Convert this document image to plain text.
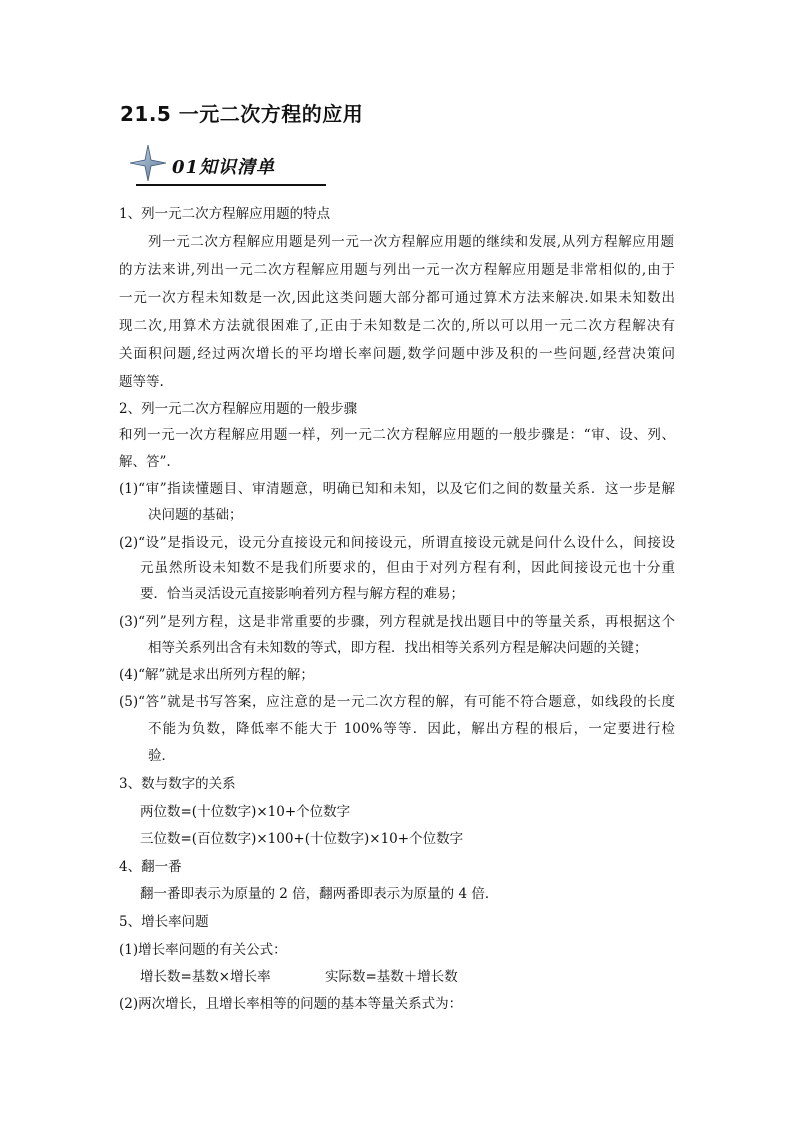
21.5 一元二次方程的应用
01知识清单
1、列一元二次方程解应用题的特点
列一元二次方程解应用题是列一元一次方程解应用题的继续和发展,从列方程解应用题
的方法来讲,列出一元二次方程解应用题与列出一元一次方程解应用题是非常相似的,由于
一元一次方程未知数是一次,因此这类问题大部分都可通过算术方法来解决.如果未知数出
现二次,用算术方法就很困难了,正由于未知数是二次的,所以可以用一元二次方程解决有
关面积问题,经过两次增长的平均增长率问题,数学问题中涉及积的一些问题,经营决策问
题等等.
2、列一元二次方程解应用题的一般步骤
和列一元一次方程解应用题一样，列一元二次方程解应用题的一般步骤是：“审、设、列、
解、答”.
(1)“审”指读懂题目、审清题意，明确已知和未知，以及它们之间的数量关系．这一步是解
决问题的基础；
(2)“设”是指设元，设元分直接设元和间接设元，所谓直接设元就是问什么设什么，间接设
元虽然所设未知数不是我们所要求的，但由于对列方程有利，因此间接设元也十分重
要．恰当灵活设元直接影响着列方程与解方程的难易；
(3)“列”是列方程，这是非常重要的步骤，列方程就是找出题目中的等量关系，再根据这个
相等关系列出含有未知数的等式，即方程．找出相等关系列方程是解决问题的关键；
(4)“解”就是求出所列方程的解；
(5)“答”就是书写答案，应注意的是一元二次方程的解，有可能不符合题意，如线段的长度
不能为负数，降低率不能大于 100%等等．因此，解出方程的根后，一定要进行检
验．
3、数与数字的关系
两位数=(十位数字)×10+个位数字
三位数=(百位数字)×100+(十位数字)×10+个位数字
4、翻一番
翻一番即表示为原量的 2 倍，翻两番即表示为原量的 4 倍．
5、增长率问题
(1)增长率问题的有关公式：
增长数=基数×增长率	实际数=基数＋增长数
(2)两次增长，且增长率相等的问题的基本等量关系式为：
